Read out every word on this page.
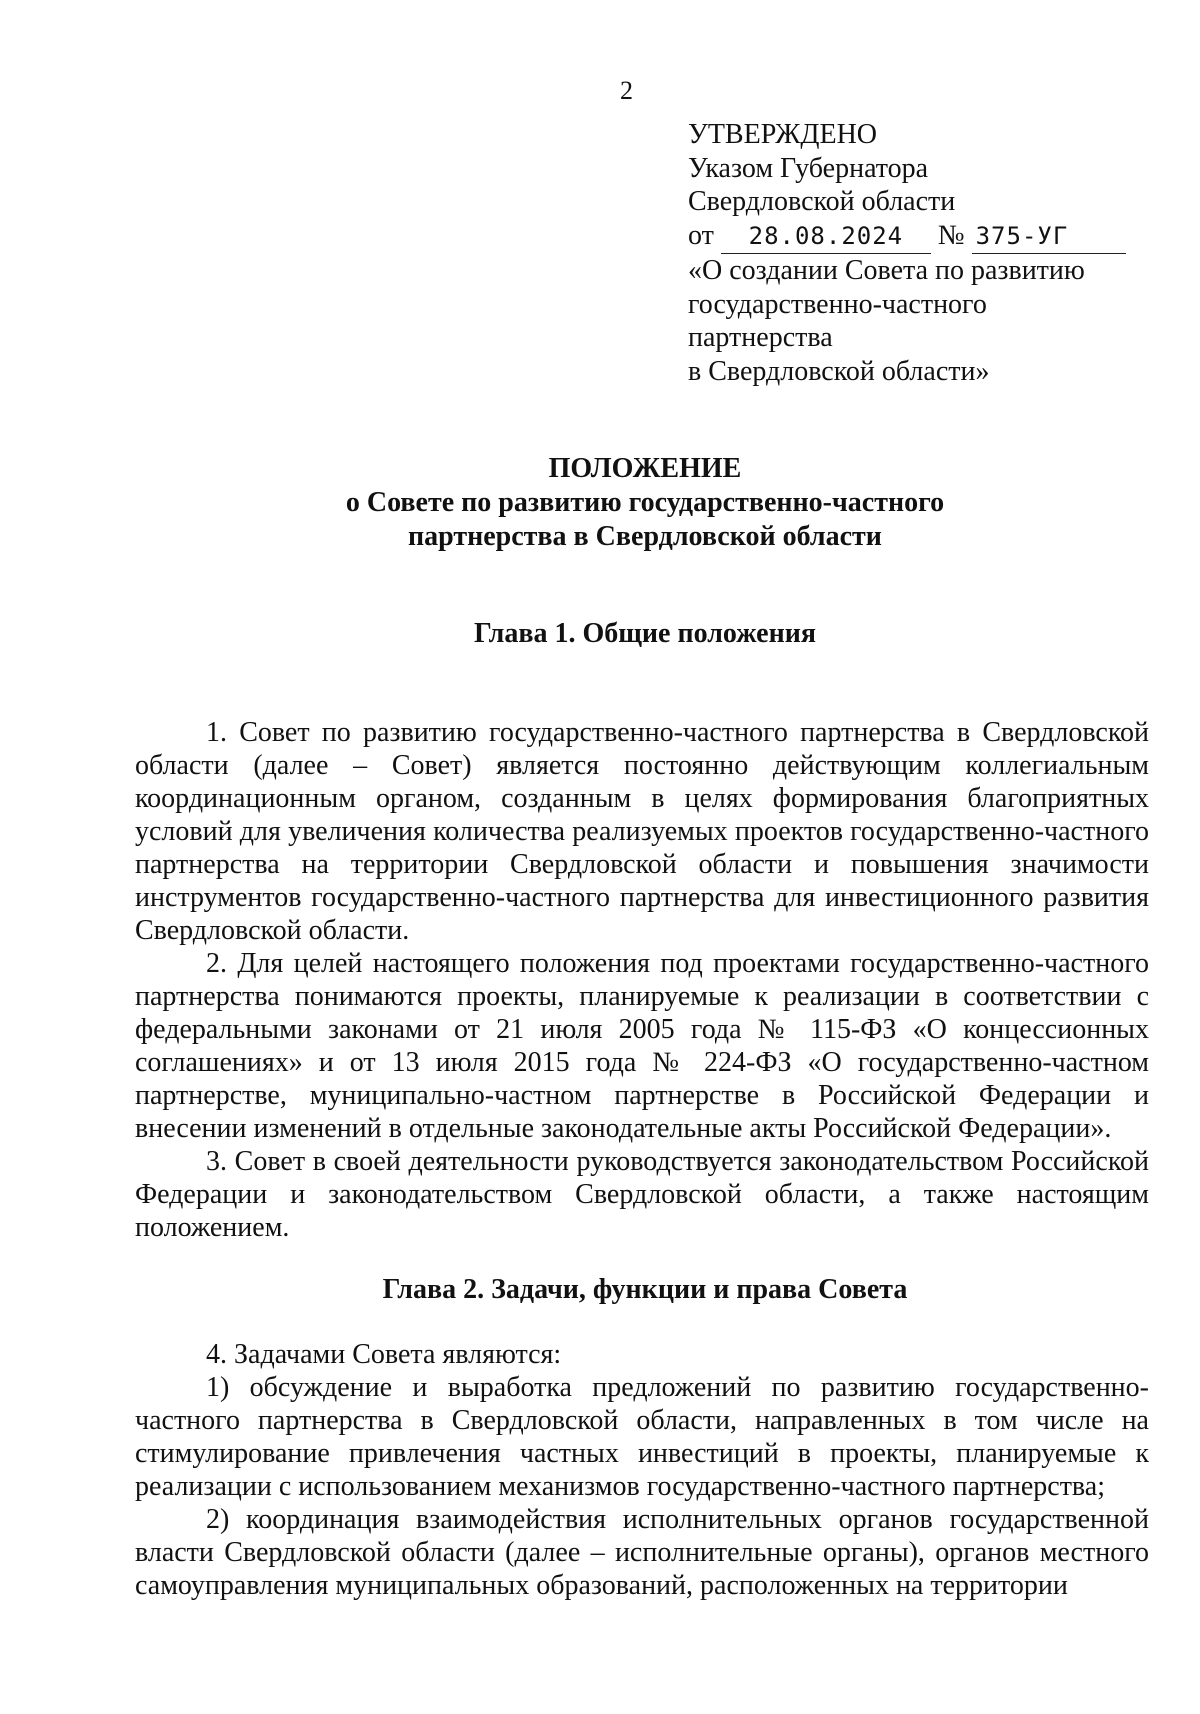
2
УТВЕРЖДЕНО
Указом Губернатора
Свердловской области
от 28.08.2024 № 375-УГ
«О создании Совета по развитию
государственно-частного
партнерства
в Свердловской области»
ПОЛОЖЕНИЕ
о Совете по развитию государственно-частного
партнерства в Свердловской области
Глава 1. Общие положения

1. Совет по развитию государственно-частного партнерства в Свердловской области (далее – Совет) является постоянно действующим коллегиальным координационным органом, созданным в целях формирования благоприятных условий для увеличения количества реализуемых проектов государственно-частного партнерства на территории Свердловской области и повышения значимости инструментов государственно-частного партнерства для инвестиционного развития Свердловской области.

2. Для целей настоящего положения под проектами государственно-частного партнерства понимаются проекты, планируемые к реализации в соответствии с федеральными законами от 21 июля 2005 года № 115-ФЗ «О концессионных соглашениях» и от 13 июля 2015 года № 224-ФЗ «О государственно-частном партнерстве, муниципально-частном партнерстве в Российской Федерации и внесении изменений в отдельные законодательные акты Российской Федерации».

3. Совет в своей деятельности руководствуется законодательством Российской Федерации и законодательством Свердловской области, а также настоящим положением.

Глава 2. Задачи, функции и права Совета

4. Задачами Совета являются:

1) обсуждение и выработка предложений по развитию государственно-частного партнерства в Свердловской области, направленных в том числе на стимулирование привлечения частных инвестиций в проекты, планируемые к реализации с использованием механизмов государственно-частного партнерства;

2) координация взаимодействия исполнительных органов государственной власти Свердловской области (далее – исполнительные органы), органов местного самоуправления муниципальных образований, расположенных на территории
